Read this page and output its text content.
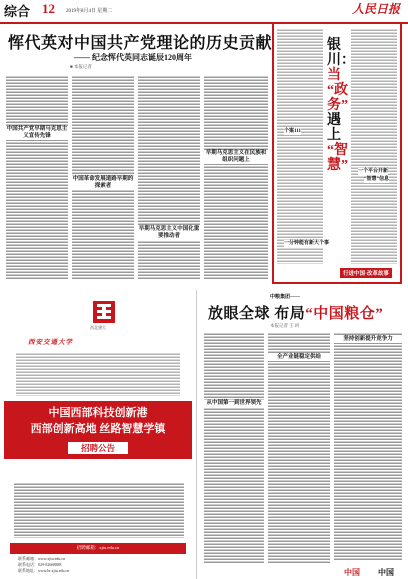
综合 12 2019年8月4日 星期二	人民日报
恽代英对中国共产党理论的历史贡献
—— 纪念恽代英同志诞辰120周年
■ 本报记者
中国共产党早期马克思主义宣传先锋
中国革命发展道路早期的探索者
早期马克思主义在民族和组织问题上
早期马克思主义中国化重要推动者
银川：
当
“政务”
遇上
“智慧”
个案111
一个平台开新
“智慧”信息
一分钟能有新大个事
行进中国·改革故事
西北建大
西安交通大学
中国西部科技创新港
西部创新高地 丝路智慧学镇
招聘公告
招聘邮箱：xjtu.edu.cn
联系邮箱：www.xjtu.edu.cn
联系电话：029-82668888
联系地址：www.hr.xjtu.edu.cn
中粮集团——
放眼全球 布局“中国粮仓”
本报记者 王 珂
全产业链稳定供给
从中国第一到世界领先
坚持创新提升竞争力
中国 中国
